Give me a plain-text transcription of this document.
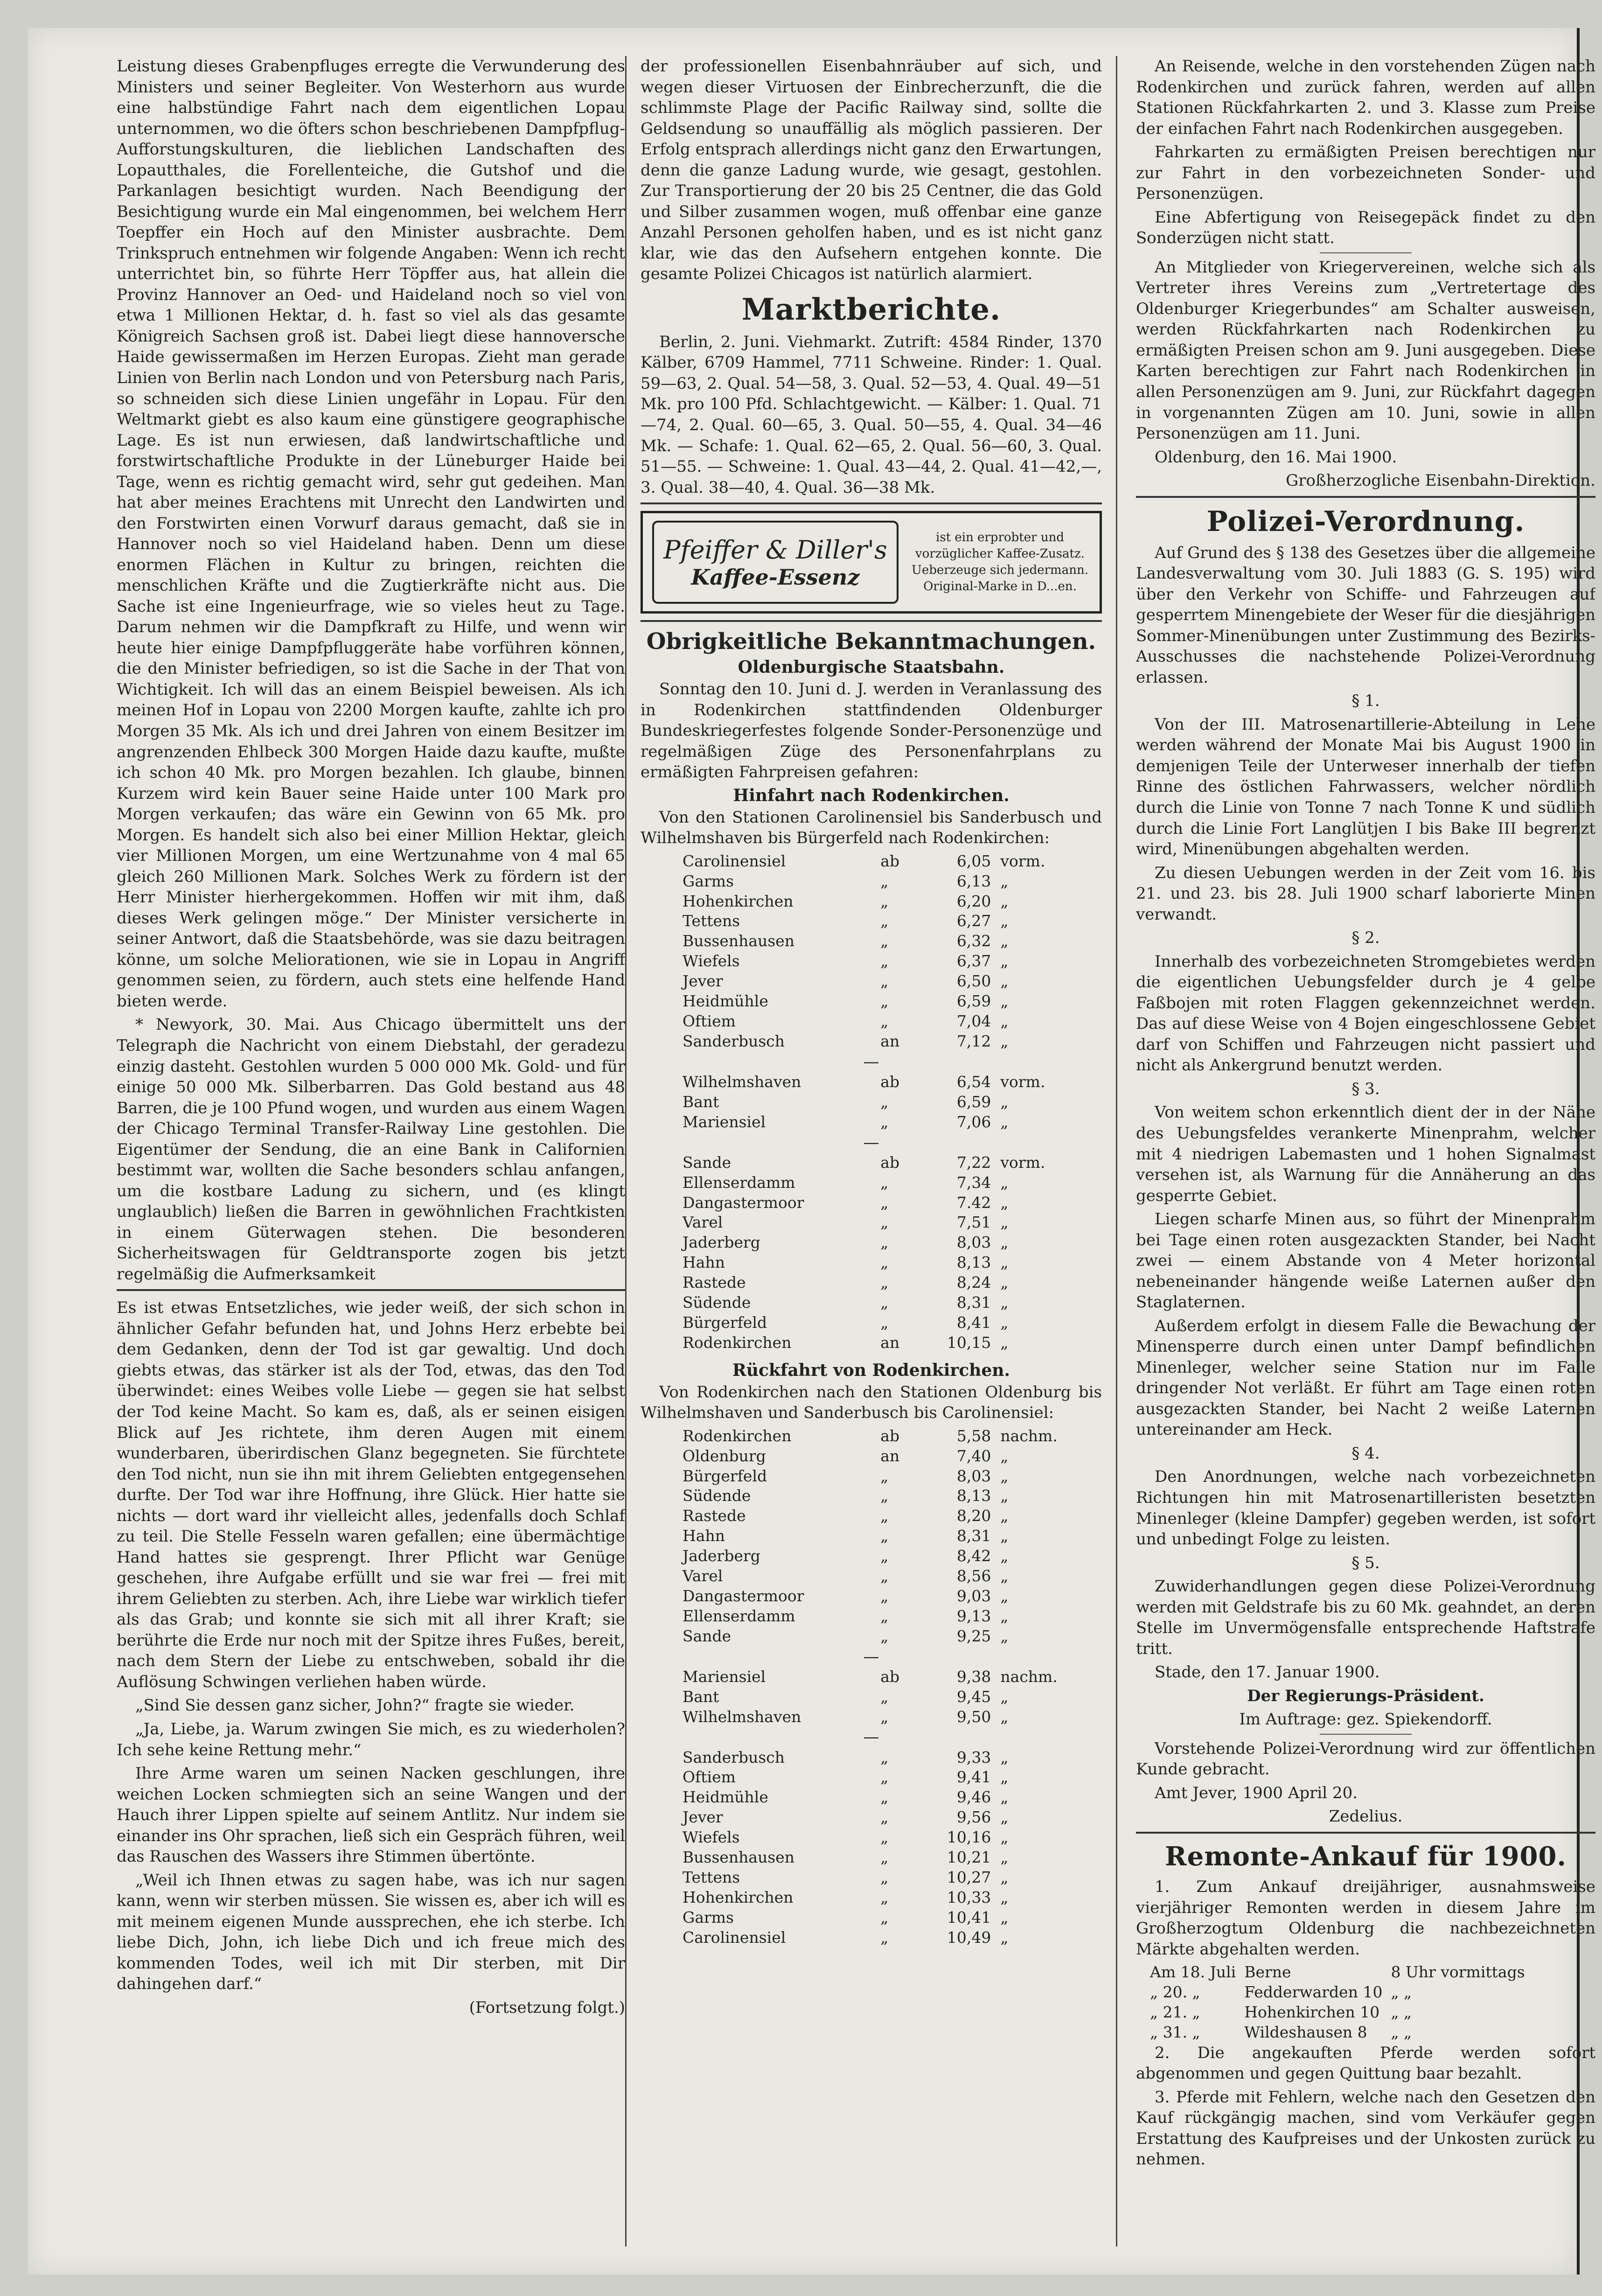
Leistung dieses Grabenpfluges erregte die Verwunderung des Ministers und seiner Begleiter. Von Westerhorn aus wurde eine halbstündige Fahrt nach dem eigentlichen Lopau unternommen, wo die öfters schon beschriebenen Dampfpflug-Aufforstungskulturen, die lieblichen Landschaften des Lopautthales, die Forellenteiche, die Gutshof und die Parkanlagen besichtigt wurden. Nach Beendigung der Besichtigung wurde ein Mal eingenommen, bei welchem Herr Toepffer ein Hoch auf den Minister ausbrachte. Dem Trinkspruch entnehmen wir folgende Angaben: Wenn ich recht unterrichtet bin, so führte Herr Töpffer aus, hat allein die Provinz Hannover an Oed- und Haideland noch so viel von etwa 1 Millionen Hektar, d. h. fast so viel als das gesamte Königreich Sachsen groß ist. Dabei liegt diese hannoversche Haide gewissermaßen im Herzen Europas. Zieht man gerade Linien von Berlin nach London und von Petersburg nach Paris, so schneiden sich diese Linien ungefähr in Lopau. Für den Weltmarkt giebt es also kaum eine günstigere geographische Lage. Es ist nun erwiesen, daß landwirtschaftliche und forstwirtschaftliche Produkte in der Lüneburger Haide bei Tage, wenn es richtig gemacht wird, sehr gut gedeihen. Man hat aber meines Erachtens mit Unrecht den Landwirten und den Forstwirten einen Vorwurf daraus gemacht, daß sie in Hannover noch so viel Haideland haben. Denn um diese enormen Flächen in Kultur zu bringen, reichten die menschlichen Kräfte und die Zugtierkräfte nicht aus. Die Sache ist eine Ingenieurfrage, wie so vieles heut zu Tage. Darum nehmen wir die Dampfkraft zu Hilfe, und wenn wir heute hier einige Dampfpfluggeräte habe vorführen können, die den Minister befriedigen, so ist die Sache in der That von Wichtigkeit. Ich will das an einem Beispiel beweisen. Als ich meinen Hof in Lopau von 2200 Morgen kaufte, zahlte ich pro Morgen 35 Mk. Als ich und drei Jahren von einem Besitzer im angrenzenden Ehlbeck 300 Morgen Haide dazu kaufte, mußte ich schon 40 Mk. pro Morgen bezahlen. Ich glaube, binnen Kurzem wird kein Bauer seine Haide unter 100 Mark pro Morgen verkaufen; das wäre ein Gewinn von 65 Mk. pro Morgen. Es handelt sich also bei einer Million Hektar, gleich vier Millionen Morgen, um eine Wertzunahme von 4 mal 65 gleich 260 Millionen Mark. Solches Werk zu fördern ist der Herr Minister hierhergekommen. Hoffen wir mit ihm, daß dieses Werk gelingen möge.“ Der Minister versicherte in seiner Antwort, daß die Staatsbehörde, was sie dazu beitragen könne, um solche Meliorationen, wie sie in Lopau in Angriff genommen seien, zu fördern, auch stets eine helfende Hand bieten werde.

* Newyork, 30. Mai. Aus Chicago übermittelt uns der Telegraph die Nachricht von einem Diebstahl, der geradezu einzig dasteht. Gestohlen wurden 5 000 000 Mk. Gold- und für einige 50 000 Mk. Silberbarren. Das Gold bestand aus 48 Barren, die je 100 Pfund wogen, und wurden aus einem Wagen der Chicago Terminal Transfer-Railway Line gestohlen. Die Eigentümer der Sendung, die an eine Bank in Californien bestimmt war, wollten die Sache besonders schlau anfangen, um die kostbare Ladung zu sichern, und (es klingt unglaublich) ließen die Barren in gewöhnlichen Frachtkisten in einem Güterwagen stehen. Die besonderen Sicherheitswagen für Geldtransporte zogen bis jetzt regelmäßig die Aufmerksamkeit

Es ist etwas Entsetzliches, wie jeder weiß, der sich schon in ähnlicher Gefahr befunden hat, und Johns Herz erbebte bei dem Gedanken, denn der Tod ist gar gewaltig. Und doch giebts etwas, das stärker ist als der Tod, etwas, das den Tod überwindet: eines Weibes volle Liebe — gegen sie hat selbst der Tod keine Macht. So kam es, daß, als er seinen eisigen Blick auf Jes richtete, ihm deren Augen mit einem wunderbaren, überirdischen Glanz begegneten. Sie fürchtete den Tod nicht, nun sie ihn mit ihrem Geliebten entgegensehen durfte. Der Tod war ihre Hoffnung, ihre Glück. Hier hatte sie nichts — dort ward ihr vielleicht alles, jedenfalls doch Schlaf zu teil. Die Stelle Fesseln waren gefallen; eine übermächtige Hand hattes sie gesprengt. Ihrer Pflicht war Genüge geschehen, ihre Aufgabe erfüllt und sie war frei — frei mit ihrem Geliebten zu sterben. Ach, ihre Liebe war wirklich tiefer als das Grab; und konnte sie sich mit all ihrer Kraft; sie berührte die Erde nur noch mit der Spitze ihres Fußes, bereit, nach dem Stern der Liebe zu entschweben, sobald ihr die Auflösung Schwingen verliehen haben würde.

„Sind Sie dessen ganz sicher, John?“ fragte sie wieder.

„Ja, Liebe, ja. Warum zwingen Sie mich, es zu wiederholen? Ich sehe keine Rettung mehr.“

Ihre Arme waren um seinen Nacken geschlungen, ihre weichen Locken schmiegten sich an seine Wangen und der Hauch ihrer Lippen spielte auf seinem Antlitz. Nur indem sie einander ins Ohr sprachen, ließ sich ein Gespräch führen, weil das Rauschen des Wassers ihre Stimmen übertönte.

„Weil ich Ihnen etwas zu sagen habe, was ich nur sagen kann, wenn wir sterben müssen. Sie wissen es, aber ich will es mit meinem eigenen Munde aussprechen, ehe ich sterbe. Ich liebe Dich, John, ich liebe Dich und ich freue mich des kommenden Todes, weil ich mit Dir sterben, mit Dir dahingehen darf.“

(Fortsetzung folgt.)

der professionellen Eisenbahnräuber auf sich, und wegen dieser Virtuosen der Einbrecherzunft, die die schlimmste Plage der Pacific Railway sind, sollte die Geldsendung so unauffällig als möglich passieren. Der Erfolg entsprach allerdings nicht ganz den Erwartungen, denn die ganze Ladung wurde, wie gesagt, gestohlen. Zur Transportierung der 20 bis 25 Centner, die das Gold und Silber zusammen wogen, muß offenbar eine ganze Anzahl Personen geholfen haben, und es ist nicht ganz klar, wie das den Aufsehern entgehen konnte. Die gesamte Polizei Chicagos ist natürlich alarmiert.

Marktberichte.

Berlin, 2. Juni. Viehmarkt. Zutrift: 4584 Rinder, 1370 Kälber, 6709 Hammel, 7711 Schweine. Rinder: 1. Qual. 59—63, 2. Qual. 54—58, 3. Qual. 52—53, 4. Qual. 49—51 Mk. pro 100 Pfd. Schlachtgewicht. — Kälber: 1. Qual. 71—74, 2. Qual. 60—65, 3. Qual. 50—55, 4. Qual. 34—46 Mk. — Schafe: 1. Qual. 62—65, 2. Qual. 56—60, 3. Qual. 51—55. — Schweine: 1. Qual. 43—44, 2. Qual. 41—42,—, 3. Qual. 38—40, 4. Qual. 36—38 Mk.

Pfeiffer & Diller's
Kaffee-Essenz
ist ein erprobter und vorzüglicher Kaffee-Zusatz. Ueberzeuge sich jedermann. Original-Marke in D...en.
Obrigkeitliche Bekanntmachungen.
Oldenburgische Staatsbahn.

Sonntag den 10. Juni d. J. werden in Veranlassung des in Rodenkirchen stattfindenden Oldenburger Bundeskriegerfestes folgende Sonder-Personenzüge und regelmäßigen Züge des Personenfahrplans zu ermäßigten Fahrpreisen gefahren:

Hinfahrt nach Rodenkirchen.

Von den Stationen Carolinensiel bis Sanderbusch und Wilhelmshaven bis Bürgerfeld nach Rodenkirchen:

Carolinensiel	ab	6,05	vorm.
Garms	„	6,13	„
Hohenkirchen	„	6,20	„
Tettens	„	6,27	„
Bussenhausen	„	6,32	„
Wiefels	„	6,37	„
Jever	„	6,50	„
Heidmühle	„	6,59	„
Oftiem	„	7,04	„
Sanderbusch	an	7,12	„
—			
Wilhelmshaven	ab	6,54	vorm.
Bant	„	6,59	„
Mariensiel	„	7,06	„
—			
Sande	ab	7,22	vorm.
Ellenserdamm	„	7,34	„
Dangastermoor	„	7.42	„
Varel	„	7,51	„
Jaderberg	„	8,03	„
Hahn	„	8,13	„
Rastede	„	8,24	„
Südende	„	8,31	„
Bürgerfeld	„	8,41	„
Rodenkirchen	an	10,15	„
Rückfahrt von Rodenkirchen.

Von Rodenkirchen nach den Stationen Oldenburg bis Wilhelmshaven und Sanderbusch bis Carolinensiel:

Rodenkirchen	ab	5,58	nachm.
Oldenburg	an	7,40	„
Bürgerfeld	„	8,03	„
Südende	„	8,13	„
Rastede	„	8,20	„
Hahn	„	8,31	„
Jaderberg	„	8,42	„
Varel	„	8,56	„
Dangastermoor	„	9,03	„
Ellenserdamm	„	9,13	„
Sande	„	9,25	„
—			
Mariensiel	ab	9,38	nachm.
Bant	„	9,45	„
Wilhelmshaven	„	9,50	„
—			
Sanderbusch	„	9,33	„
Oftiem	„	9,41	„
Heidmühle	„	9,46	„
Jever	„	9,56	„
Wiefels	„	10,16	„
Bussenhausen	„	10,21	„
Tettens	„	10,27	„
Hohenkirchen	„	10,33	„
Garms	„	10,41	„
Carolinensiel	„	10,49	„

An Reisende, welche in den vorstehenden Zügen nach Rodenkirchen und zurück fahren, werden auf allen Stationen Rückfahrkarten 2. und 3. Klasse zum Preise der einfachen Fahrt nach Rodenkirchen ausgegeben.

Fahrkarten zu ermäßigten Preisen berechtigen nur zur Fahrt in den vorbezeichneten Sonder- und Personenzügen.

Eine Abfertigung von Reisegepäck findet zu den Sonderzügen nicht statt.

An Mitglieder von Kriegervereinen, welche sich als Vertreter ihres Vereins zum „Vertretertage des Oldenburger Kriegerbundes“ am Schalter ausweisen, werden Rückfahrkarten nach Rodenkirchen zu ermäßigten Preisen schon am 9. Juni ausgegeben. Diese Karten berechtigen zur Fahrt nach Rodenkirchen in allen Personenzügen am 9. Juni, zur Rückfahrt dagegen in vorgenannten Zügen am 10. Juni, sowie in allen Personenzügen am 11. Juni.

Oldenburg, den 16. Mai 1900.

Großherzogliche Eisenbahn-Direktion.

Polizei-Verordnung.

Auf Grund des § 138 des Gesetzes über die allgemeine Landesverwaltung vom 30. Juli 1883 (G. S. 195) wird über den Verkehr von Schiffe- und Fahrzeugen auf gesperrtem Minengebiete der Weser für die diesjährigen Sommer-Minenübungen unter Zustimmung des Bezirks-Ausschusses die nachstehende Polizei-Verordnung erlassen.

§ 1.

Von der III. Matrosenartillerie-Abteilung in Lehe werden während der Monate Mai bis August 1900 in demjenigen Teile der Unterweser innerhalb der tiefen Rinne des östlichen Fahrwassers, welcher nördlich durch die Linie von Tonne 7 nach Tonne K und südlich durch die Linie Fort Langlütjen I bis Bake III begrenzt wird, Minenübungen abgehalten werden.

Zu diesen Uebungen werden in der Zeit vom 16. bis 21. und 23. bis 28. Juli 1900 scharf laborierte Minen verwandt.

§ 2.

Innerhalb des vorbezeichneten Stromgebietes werden die eigentlichen Uebungsfelder durch je 4 gelbe Faßbojen mit roten Flaggen gekennzeichnet werden. Das auf diese Weise von 4 Bojen eingeschlossene Gebiet darf von Schiffen und Fahrzeugen nicht passiert und nicht als Ankergrund benutzt werden.

§ 3.

Von weitem schon erkenntlich dient der in der Nähe des Uebungsfeldes verankerte Minenprahm, welcher mit 4 niedrigen Labemasten und 1 hohen Signalmast versehen ist, als Warnung für die Annäherung an das gesperrte Gebiet.

Liegen scharfe Minen aus, so führt der Minenprahm bei Tage einen roten ausgezackten Stander, bei Nacht zwei — einem Abstande von 4 Meter horizontal nebeneinander hängende weiße Laternen außer den Staglaternen.

Außerdem erfolgt in diesem Falle die Bewachung der Minensperre durch einen unter Dampf befindlichen Minenleger, welcher seine Station nur im Falle dringender Not verläßt. Er führt am Tage einen roten ausgezackten Stander, bei Nacht 2 weiße Laternen untereinander am Heck.

§ 4.

Den Anordnungen, welche nach vorbezeichneten Richtungen hin mit Matrosenartilleristen besetzten Minenleger (kleine Dampfer) gegeben werden, ist sofort und unbedingt Folge zu leisten.

§ 5.

Zuwiderhandlungen gegen diese Polizei-Verordnung werden mit Geldstrafe bis zu 60 Mk. geahndet, an deren Stelle im Unvermögensfalle entsprechende Haftstrafe tritt.

Stade, den 17. Januar 1900.

Der Regierungs-Präsident.

Im Auftrage: gez. Spiekendorff.

Vorstehende Polizei-Verordnung wird zur öffentlichen Kunde gebracht.

Amt Jever, 1900 April 20.

Zedelius.

Remonte-Ankauf für 1900.

1. Zum Ankauf dreijähriger, ausnahmsweise vierjähriger Remonten werden in diesem Jahre im Großherzogtum Oldenburg die nachbezeichneten Märkte abgehalten werden.

Am 18. Juli	Berne	8 Uhr vormittags
„ 20. „	Fedderwarden 10	„ „
„ 21. „	Hohenkirchen 10	„ „
„ 31. „	Wildeshausen 8	„ „

2. Die angekauften Pferde werden sofort abgenommen und gegen Quittung baar bezahlt.

3. Pferde mit Fehlern, welche nach den Gesetzen den Kauf rückgängig machen, sind vom Verkäufer gegen Erstattung des Kaufpreises und der Unkosten zurück zu nehmen.
